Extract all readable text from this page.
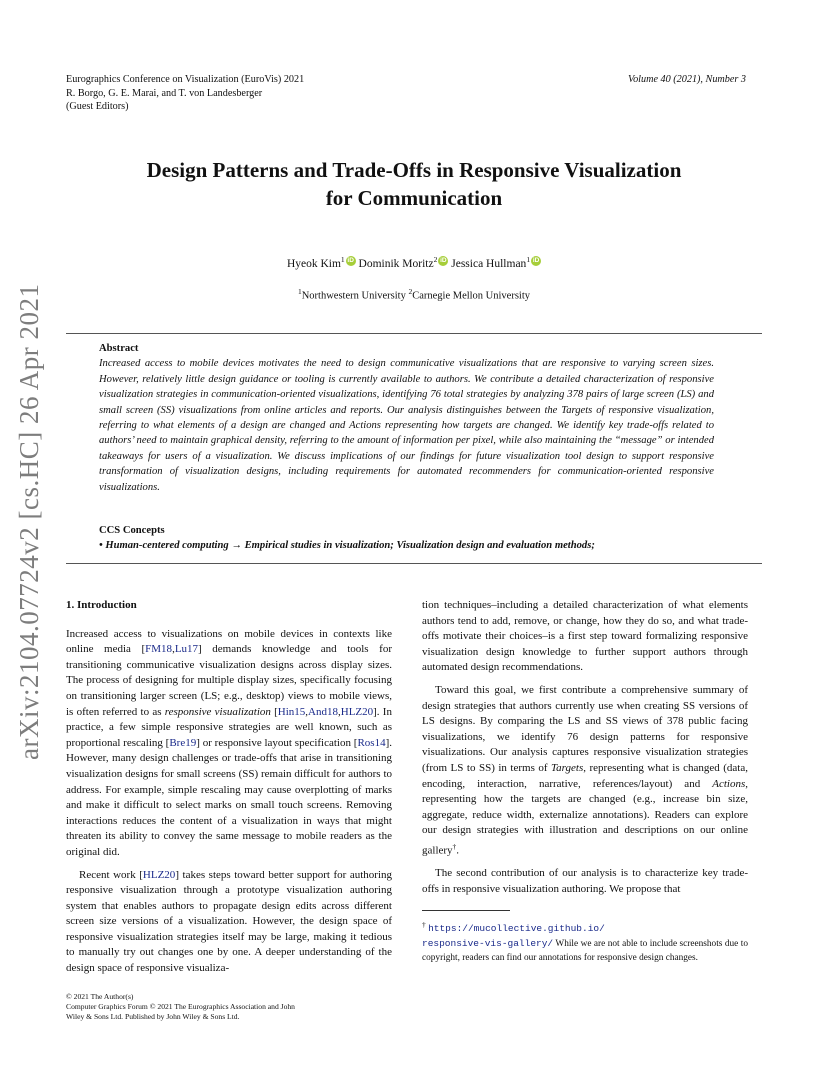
Eurographics Conference on Visualization (EuroVis) 2021
R. Borgo, G. E. Marai, and T. von Landesberger
(Guest Editors)
Volume 40 (2021), Number 3
arXiv:2104.07724v2 [cs.HC] 26 Apr 2021
Design Patterns and Trade-Offs in Responsive Visualization
for Communication
Hyeok Kim$^1$ iD Dominik Moritz$^2$ iD Jessica Hullman$^1$ iD
$^1$Northwestern University $^2$Carnegie Mellon University
Abstract
Increased access to mobile devices motivates the need to design communicative visualizations that are responsive to varying screen sizes. However, relatively little design guidance or tooling is currently available to authors. We contribute a detailed characterization of responsive visualization strategies in communication-oriented visualizations, identifying 76 total strategies by analyzing 378 pairs of large screen (LS) and small screen (SS) visualizations from online articles and reports. Our analysis distinguishes between the Targets of responsive visualization, referring to what elements of a design are changed and Actions representing how targets are changed. We identify key trade-offs related to authors’ need to maintain graphical density, referring to the amount of information per pixel, while also maintaining the “message” or intended takeaways for users of a visualization. We discuss implications of our findings for future visualization tool design to support responsive transformation of visualization designs, including requirements for automated recommenders for communication-oriented responsive visualizations.
CCS Concepts
• Human-centered computing → Empirical studies in visualization; Visualization design and evaluation methods;
1. Introduction

Increased access to visualizations on mobile devices in contexts like online media [FM18,Lu17] demands knowledge and tools for transitioning communicative visualization designs across display sizes. The process of designing for multiple display sizes, specifically focusing on transitioning larger screen (LS; e.g., desktop) views to mobile views, is often referred to as responsive visualization [Hin15,And18,HLZ20]. In practice, a few simple responsive strategies are well known, such as proportional rescaling [Bre19] or responsive layout specification [Ros14]. However, many design challenges or trade-offs that arise in transitioning visualization designs for small screens (SS) remain difficult for authors to address. For example, simple rescaling may cause overplotting of marks and make it difficult to select marks on small touch screens. Removing interactions reduces the content of a visualization in ways that might threaten its ability to convey the same message to mobile readers as the original did.

Recent work [HLZ20] takes steps toward better support for authoring responsive visualization through a prototype visualization authoring system that enables authors to propagate design edits across different screen size versions of a visualization. However, the design space of responsive visualization strategies itself may be large, making it tedious to manually try out changes one by one. A deeper understanding of the design space of responsive visualiza-

tion techniques–including a detailed characterization of what elements authors tend to add, remove, or change, how they do so, and what trade-offs motivate their choices–is a first step toward formalizing responsive visualization design knowledge to further support authors through automated design recommendations.

Toward this goal, we first contribute a comprehensive summary of design strategies that authors currently use when creating SS versions of LS designs. By comparing the LS and SS views of 378 public facing visualizations, we identify 76 design patterns for responsive visualizations. Our analysis captures responsive visualization strategies (from LS to SS) in terms of Targets, representing what is changed (data, encoding, interaction, narrative, references/layout) and Actions, representing how the targets are changed (e.g., increase bin size, aggregate, reduce width, externalize annotations). Readers can explore our design strategies with illustration and descriptions on our online gallery†.

The second contribution of our analysis is to characterize key trade-offs in responsive visualization authoring. We propose that

† https://mucollective.github.io/
responsive-vis-gallery/ While we are not able to include screenshots due to copyright, readers can find our annotations for responsive design changes.
© 2021 The Author(s)
Computer Graphics Forum © 2021 The Eurographics Association and John
Wiley & Sons Ltd. Published by John Wiley & Sons Ltd.
